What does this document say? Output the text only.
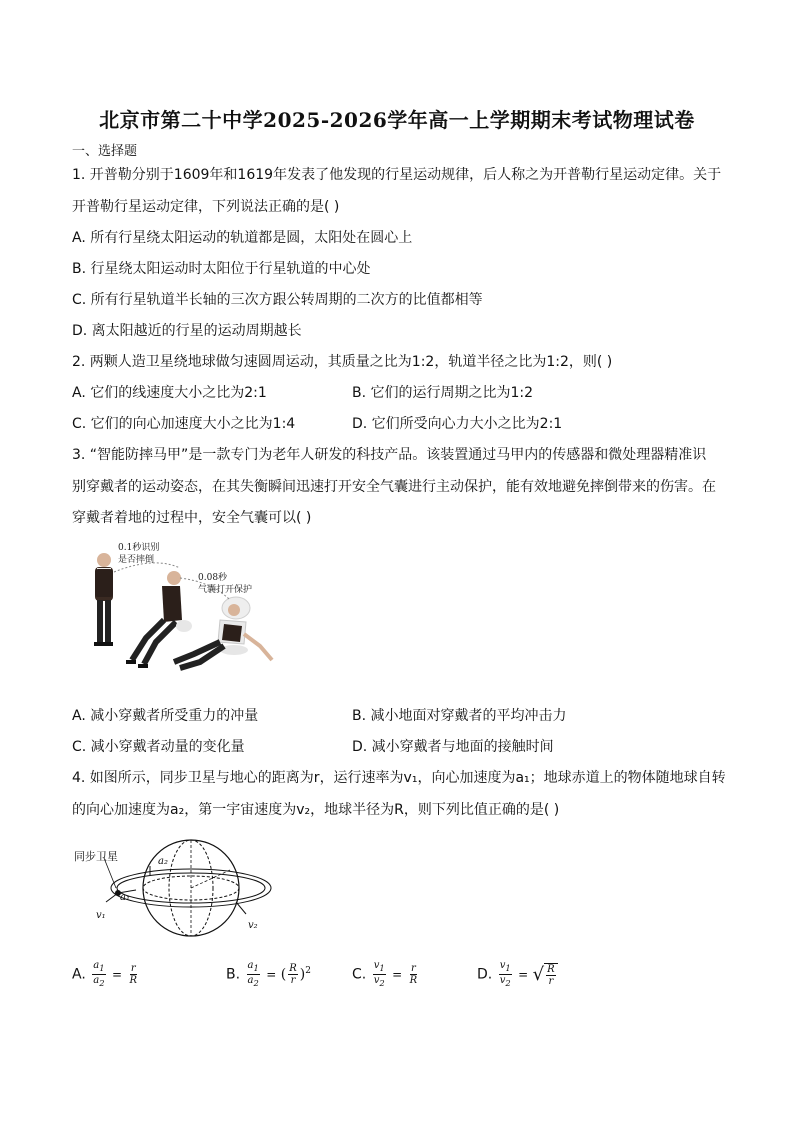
北京市第二十中学2025-2026学年高一上学期期末考试物理试卷
一、选择题
1. 开普勒分别于1609年和1619年发表了他发现的行星运动规律，后人称之为开普勒行星运动定律。关于
开普勒行星运动定律，下列说法正确的是( )
A. 所有行星绕太阳运动的轨道都是圆，太阳处在圆心上
B. 行星绕太阳运动时太阳位于行星轨道的中心处
C. 所有行星轨道半长轴的三次方跟公转周期的二次方的比值都相等
D. 离太阳越近的行星的运动周期越长
2. 两颗人造卫星绕地球做匀速圆周运动，其质量之比为1:2，轨道半径之比为1:2，则( )
A. 它们的线速度大小之比为2:1	B. 它们的运行周期之比为1:2
C. 它们的向心加速度大小之比为1:4	D. 它们所受向心力大小之比为2:1
3. “智能防摔马甲”是一款专门为老年人研发的科技产品。该装置通过马甲内的传感器和微处理器精准识
别穿戴者的运动姿态，在其失衡瞬间迅速打开安全气囊进行主动保护，能有效地避免摔倒带来的伤害。在
穿戴者着地的过程中，安全气囊可以( )
0.1秒识别
是否摔倒
0.08秒
气囊打开保护
A. 减小穿戴者所受重力的冲量	B. 减小地面对穿戴者的平均冲击力
C. 减小穿戴者动量的变化量	D. 减小穿戴者与地面的接触时间
4. 如图所示，同步卫星与地心的距离为r，运行速率为v₁，向心加速度为a₁；地球赤道上的物体随地球自转
的向心加速度为a₂，第一宇宙速度为v₂，地球半径为R，则下列比值正确的是( )
同步卫星	a₂
a₁
v₁
v₂
A. $\frac{a_1}{a_2} = \frac{r}{R}$	B. $\frac{a_1}{a_2}$ = ( $\frac{R}{r} )^2$	C. $\frac{v_1}{v_2} = \frac{r}{R}$	D. $\frac{v_1}{v_2}$ = √ $\frac{R}{r}$
